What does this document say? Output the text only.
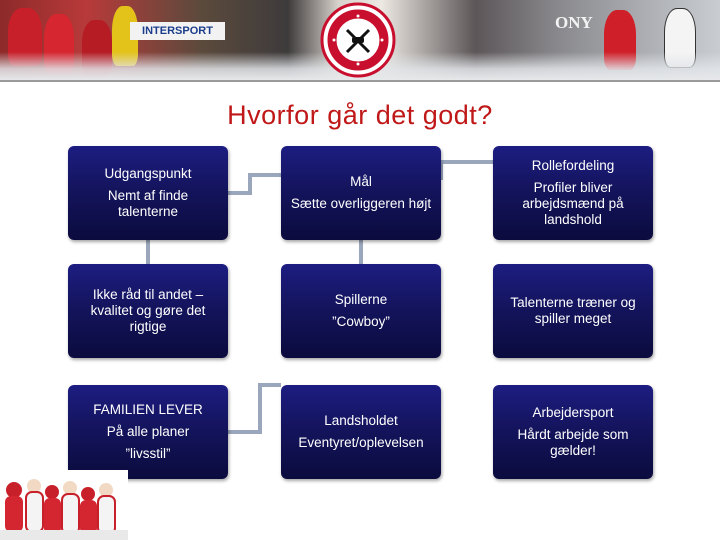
INTERSPORT	ONY
Hvorfor går det godt?
Udgangspunkt
Nemt af finde talenterne
Mål
Sætte overliggeren højt
Rollefordeling
Profiler bliver arbejdsmænd på landshold
Ikke råd til andet – kvalitet og gøre det rigtige
Spillerne
”Cowboy”
Talenterne træner og spiller meget
FAMILIEN LEVER
På alle planer
”livsstil”
Landsholdet
Eventyret/oplevelsen
Arbejdersport
Hårdt arbejde som gælder!
